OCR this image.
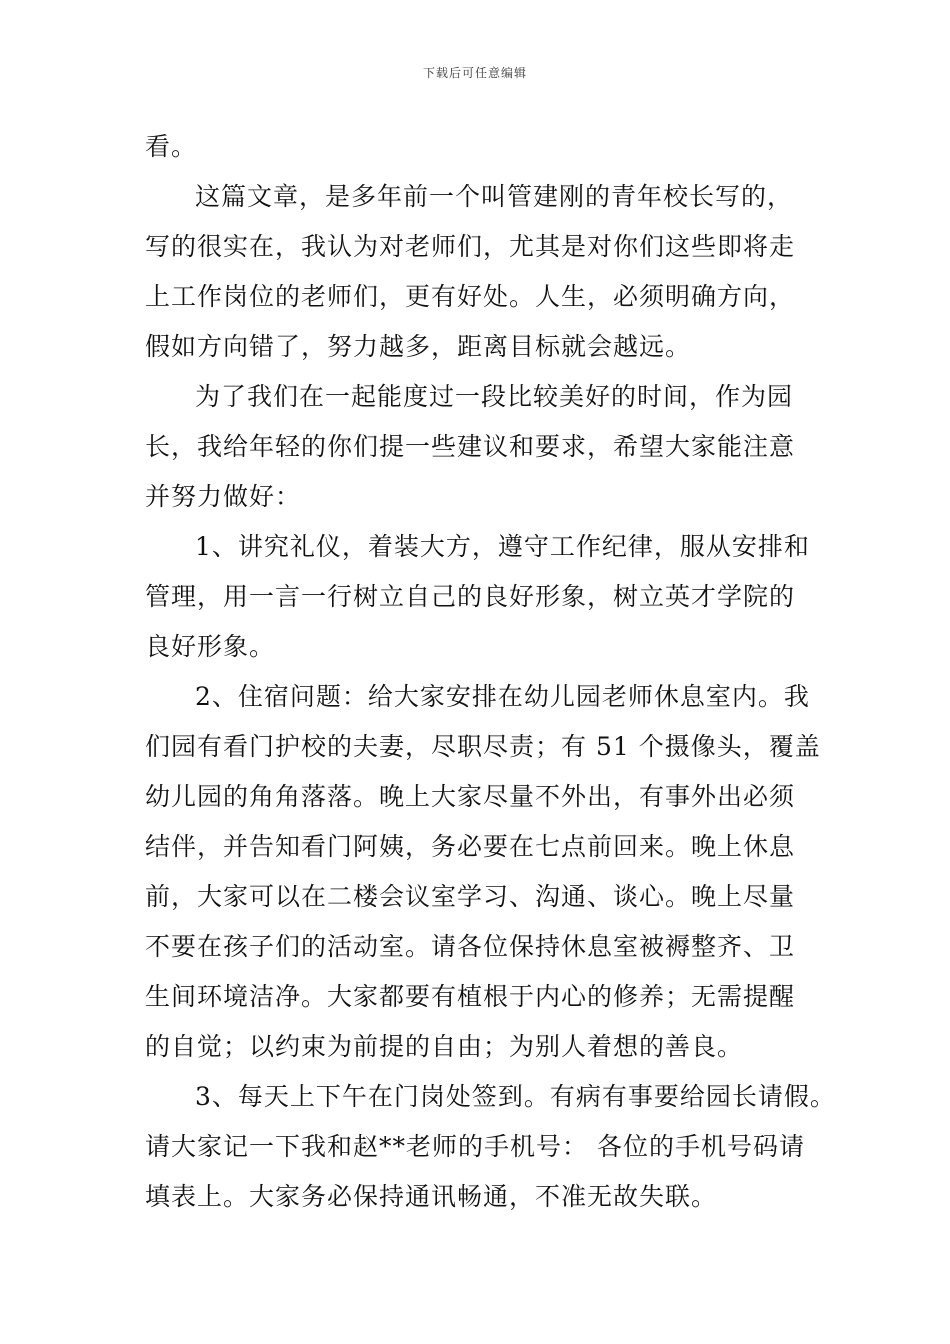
下载后可任意编辑
看。
这篇文章，是多年前一个叫管建刚的青年校长写的，
写的很实在，我认为对老师们，尤其是对你们这些即将走
上工作岗位的老师们，更有好处。人生，必须明确方向，
假如方向错了，努力越多，距离目标就会越远。
为了我们在一起能度过一段比较美好的时间，作为园
长，我给年轻的你们提一些建议和要求，希望大家能注意
并努力做好：
1、讲究礼仪，着装大方，遵守工作纪律，服从安排和
管理，用一言一行树立自己的良好形象，树立英才学院的
良好形象。
2、住宿问题：给大家安排在幼儿园老师休息室内。我
们园有看门护校的夫妻，尽职尽责；有 51 个摄像头，覆盖
幼儿园的角角落落。晚上大家尽量不外出，有事外出必须
结伴，并告知看门阿姨，务必要在七点前回来。晚上休息
前，大家可以在二楼会议室学习、沟通、谈心。晚上尽量
不要在孩子们的活动室。请各位保持休息室被褥整齐、卫
生间环境洁净。大家都要有植根于内心的修养；无需提醒
的自觉；以约束为前提的自由；为别人着想的善良。
3、每天上下午在门岗处签到。有病有事要给园长请假。
请大家记一下我和赵**老师的手机号： 各位的手机号码请
填表上。大家务必保持通讯畅通，不准无故失联。
